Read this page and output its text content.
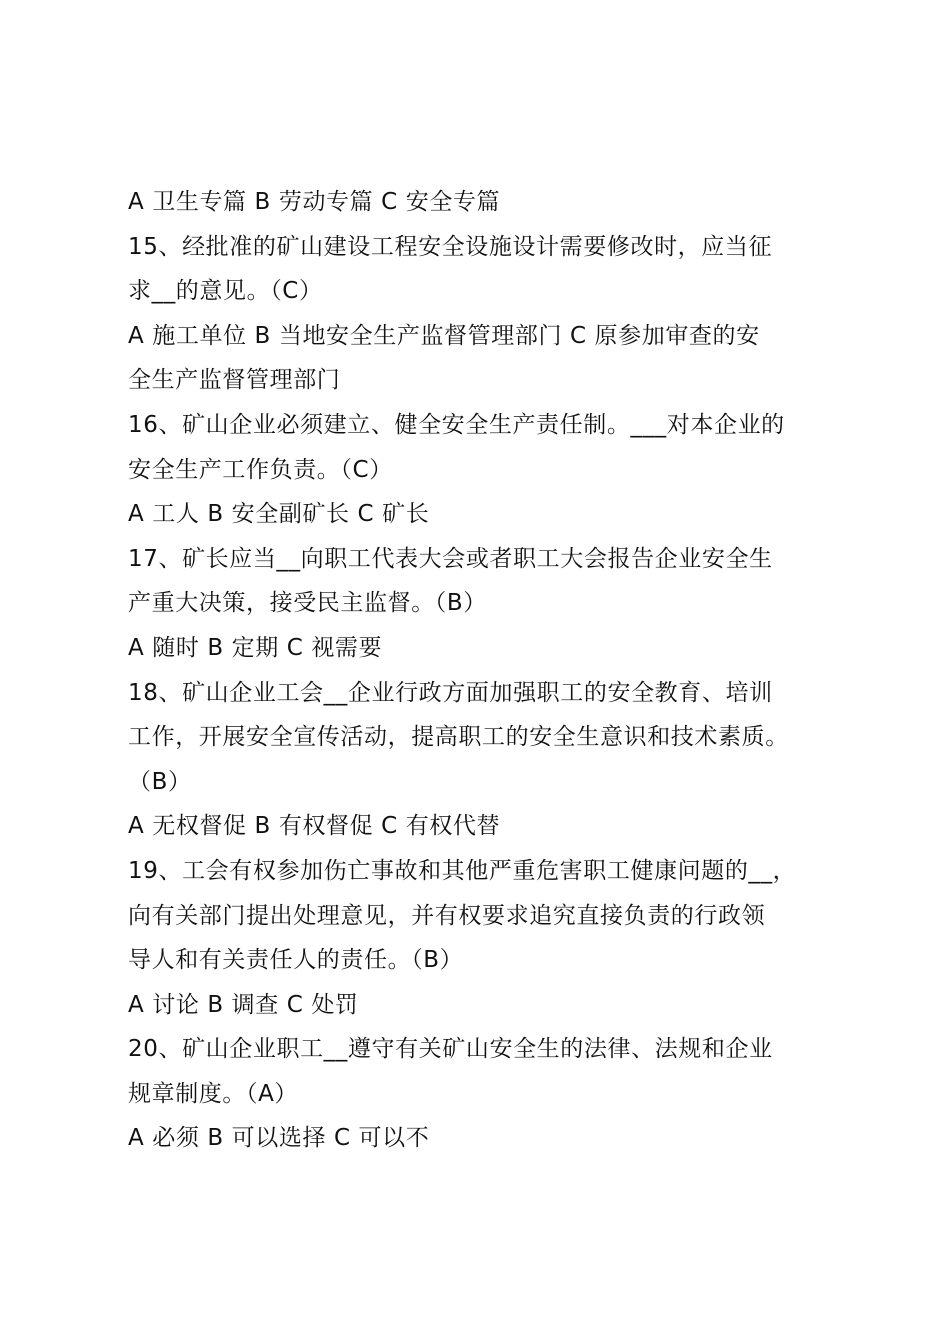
A 卫生专篇 B 劳动专篇 C 安全专篇
15、经批准的矿山建设工程安全设施设计需要修改时，应当征
求__的意见。（C）
A 施工单位 B 当地安全生产监督管理部门 C 原参加审查的安
全生产监督管理部门
16、矿山企业必须建立、健全安全生产责任制。___对本企业的
安全生产工作负责。（C）
A 工人 B 安全副矿长 C 矿长
17、矿长应当__向职工代表大会或者职工大会报告企业安全生
产重大决策，接受民主监督。（B）
A 随时 B 定期 C 视需要
18、矿山企业工会__企业行政方面加强职工的安全教育、培训
工作，开展安全宣传活动，提高职工的安全生意识和技术素质。
（B）
A 无权督促 B 有权督促 C 有权代替
19、工会有权参加伤亡事故和其他严重危害职工健康问题的__，
向有关部门提出处理意见，并有权要求追究直接负责的行政领
导人和有关责任人的责任。（B）
A 讨论 B 调查 C 处罚
20、矿山企业职工__遵守有关矿山安全生的法律、法规和企业
规章制度。（A）
A 必须 B 可以选择 C 可以不
